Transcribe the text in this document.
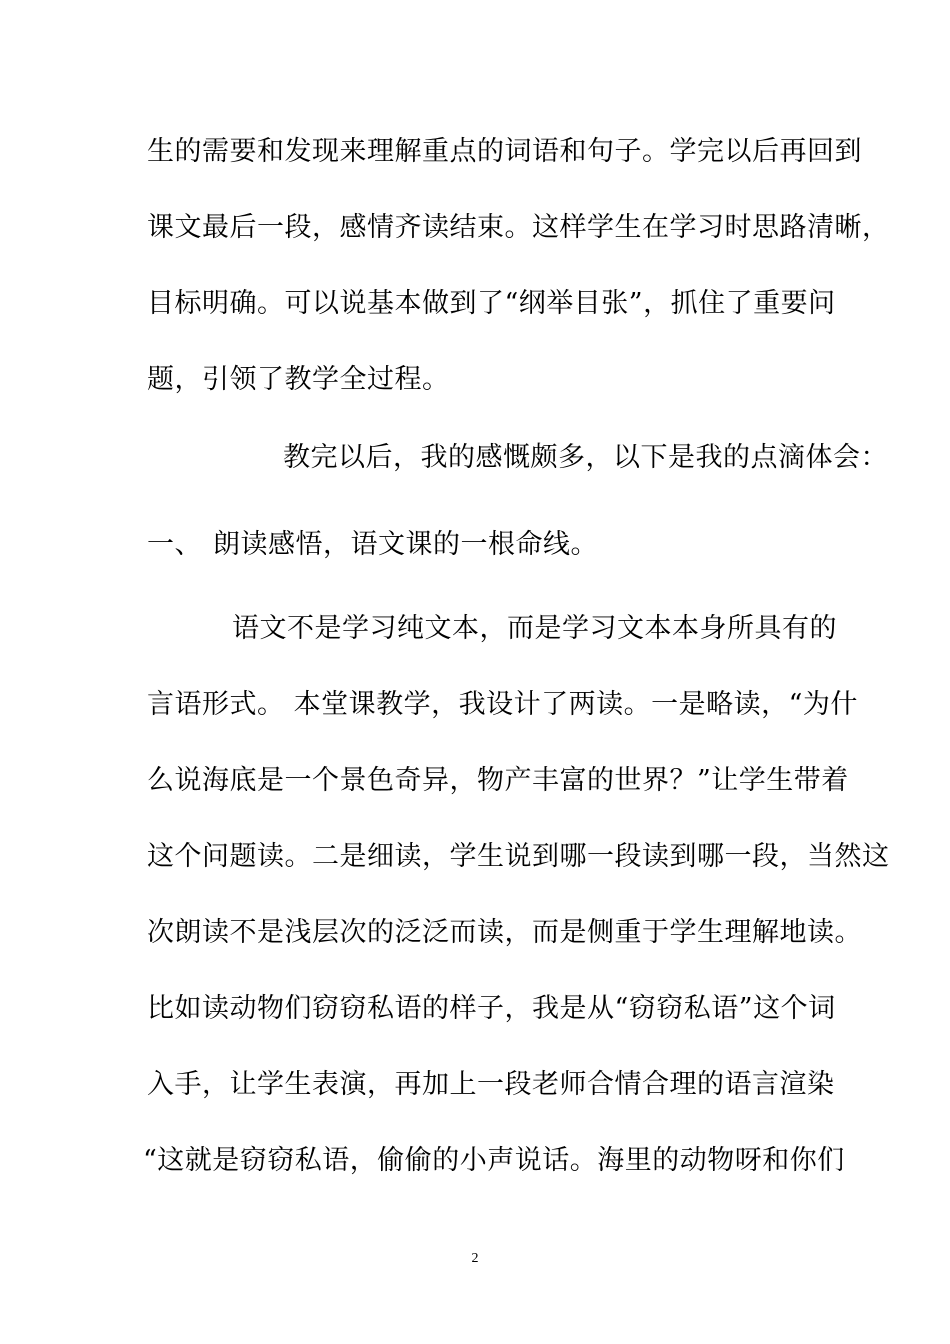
生的需要和发现来理解重点的词语和句子。学完以后再回到
课文最后一段，感情齐读结束。这样学生在学习时思路清晰，
目标明确。可以说基本做到了“纲举目张”，抓住了重要问
题，引领了教学全过程。
教完以后，我的感慨颇多，以下是我的点滴体会：
一、 朗读感悟，语文课的一根命线。
语文不是学习纯文本，而是学习文本本身所具有的
言语形式。 本堂课教学，我设计了两读。一是略读，“为什
么说海底是一个景色奇异，物产丰富的世界？”让学生带着
这个问题读。二是细读，学生说到哪一段读到哪一段，当然这
次朗读不是浅层次的泛泛而读，而是侧重于学生理解地读。
比如读动物们窃窃私语的样子，我是从“窃窃私语”这个词
入手，让学生表演，再加上一段老师合情合理的语言渲染
“这就是窃窃私语，偷偷的小声说话。海里的动物呀和你们
2
